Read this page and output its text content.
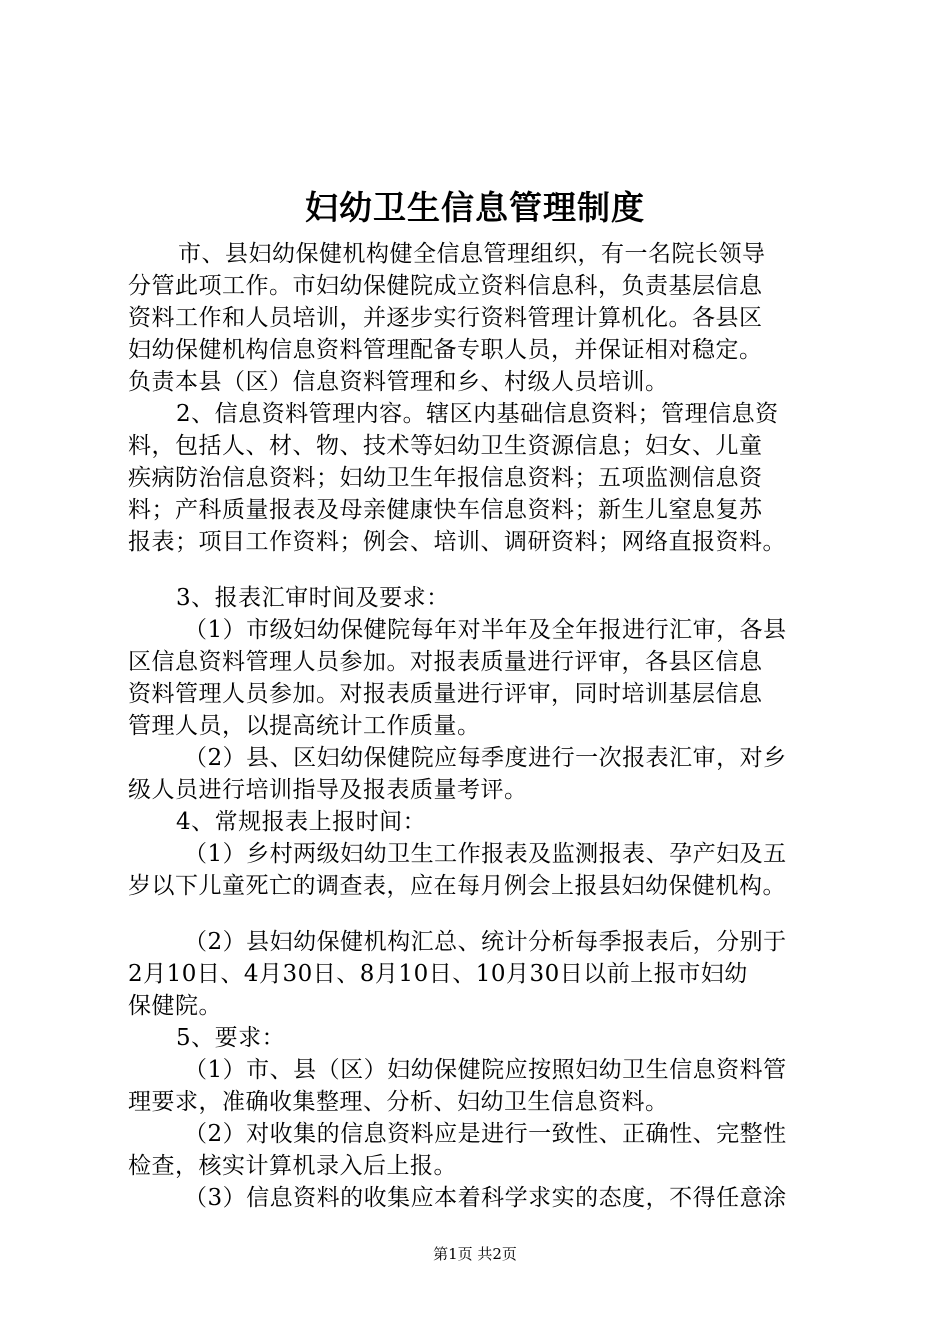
妇幼卫生信息管理制度
市、县妇幼保健机构健全信息管理组织，有一名院长领导
分管此项工作。市妇幼保健院成立资料信息科，负责基层信息
资料工作和人员培训，并逐步实行资料管理计算机化。各县区
妇幼保健机构信息资料管理配备专职人员，并保证相对稳定。
负责本县（区）信息资料管理和乡、村级人员培训。
2、信息资料管理内容。辖区内基础信息资料；管理信息资
料，包括人、材、物、技术等妇幼卫生资源信息；妇女、儿童
疾病防治信息资料；妇幼卫生年报信息资料；五项监测信息资
料；产科质量报表及母亲健康快车信息资料；新生儿窒息复苏
报表；项目工作资料；例会、培训、调研资料；网络直报资料。
3、报表汇审时间及要求：
（1）市级妇幼保健院每年对半年及全年报进行汇审，各县
区信息资料管理人员参加。对报表质量进行评审，各县区信息
资料管理人员参加。对报表质量进行评审，同时培训基层信息
管理人员，以提高统计工作质量。
（2）县、区妇幼保健院应每季度进行一次报表汇审，对乡
级人员进行培训指导及报表质量考评。
4、常规报表上报时间：
（1）乡村两级妇幼卫生工作报表及监测报表、孕产妇及五
岁以下儿童死亡的调查表，应在每月例会上报县妇幼保健机构。
（2）县妇幼保健机构汇总、统计分析每季报表后，分别于
2月10日、4月30日、8月10日、10月30日以前上报市妇幼
保健院。
5、要求：
（1）市、县（区）妇幼保健院应按照妇幼卫生信息资料管
理要求，准确收集整理、分析、妇幼卫生信息资料。
（2）对收集的信息资料应是进行一致性、正确性、完整性
检查，核实计算机录入后上报。
（3）信息资料的收集应本着科学求实的态度，不得任意涂
第1页 共2页
